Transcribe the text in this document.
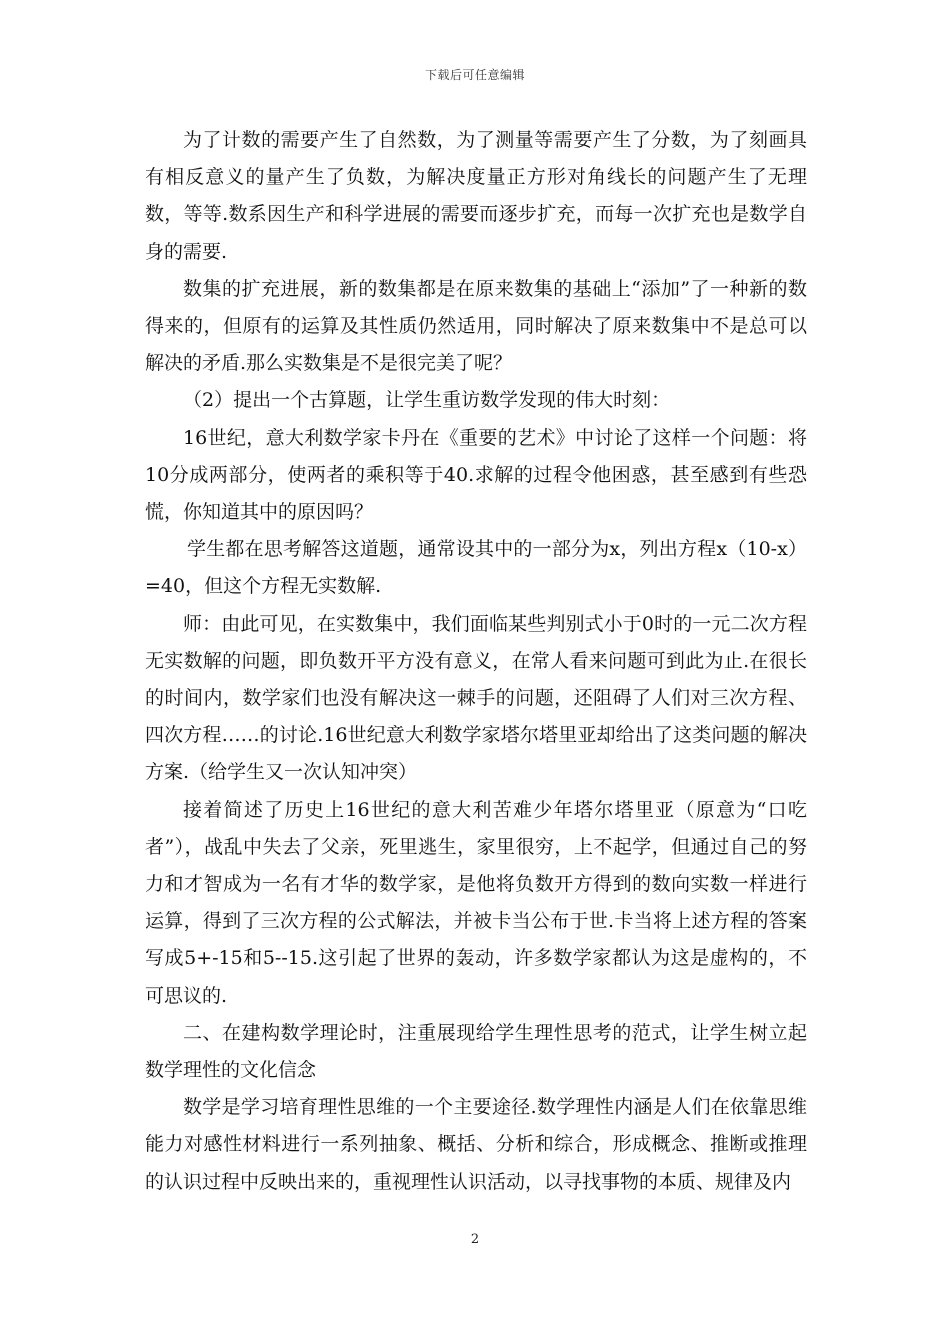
下载后可任意编辑

为了计数的需要产生了自然数，为了测量等需要产生了分数，为了刻画具有相反意义的量产生了负数，为解决度量正方形对角线长的问题产生了无理数，等等.数系因生产和科学进展的需要而逐步扩充，而每一次扩充也是数学自身的需要.

数集的扩充进展，新的数集都是在原来数集的基础上“添加”了一种新的数得来的，但原有的运算及其性质仍然适用，同时解决了原来数集中不是总可以解决的矛盾.那么实数集是不是很完美了呢？

（2）提出一个古算题，让学生重访数学发现的伟大时刻：

16世纪，意大利数学家卡丹在《重要的艺术》中讨论了这样一个问题：将10分成两部分，使两者的乘积等于40.求解的过程令他困惑，甚至感到有些恐慌，你知道其中的原因吗？

学生都在思考解答这道题，通常设其中的一部分为x，列出方程x（10-x）=40，但这个方程无实数解.

师：由此可见，在实数集中，我们面临某些判别式小于0时的一元二次方程无实数解的问题，即负数开平方没有意义，在常人看来问题可到此为止.在很长的时间内，数学家们也没有解决这一棘手的问题，还阻碍了人们对三次方程、四次方程……的讨论.16世纪意大利数学家塔尔塔里亚却给出了这类问题的解决方案.（给学生又一次认知冲突）

接着简述了历史上16世纪的意大利苦难少年塔尔塔里亚（原意为“口吃者”），战乱中失去了父亲，死里逃生，家里很穷，上不起学，但通过自己的努力和才智成为一名有才华的数学家，是他将负数开方得到的数向实数一样进行运算，得到了三次方程的公式解法，并被卡当公布于世.卡当将上述方程的答案写成5+-15和5--15.这引起了世界的轰动，许多数学家都认为这是虚构的，不可思议的.

二、在建构数学理论时，注重展现给学生理性思考的范式，让学生树立起数学理性的文化信念

数学是学习培育理性思维的一个主要途径.数学理性内涵是人们在依靠思维能力对感性材料进行一系列抽象、概括、分析和综合，形成概念、推断或推理的认识过程中反映出来的，重视理性认识活动，以寻找事物的本质、规律及内

2
